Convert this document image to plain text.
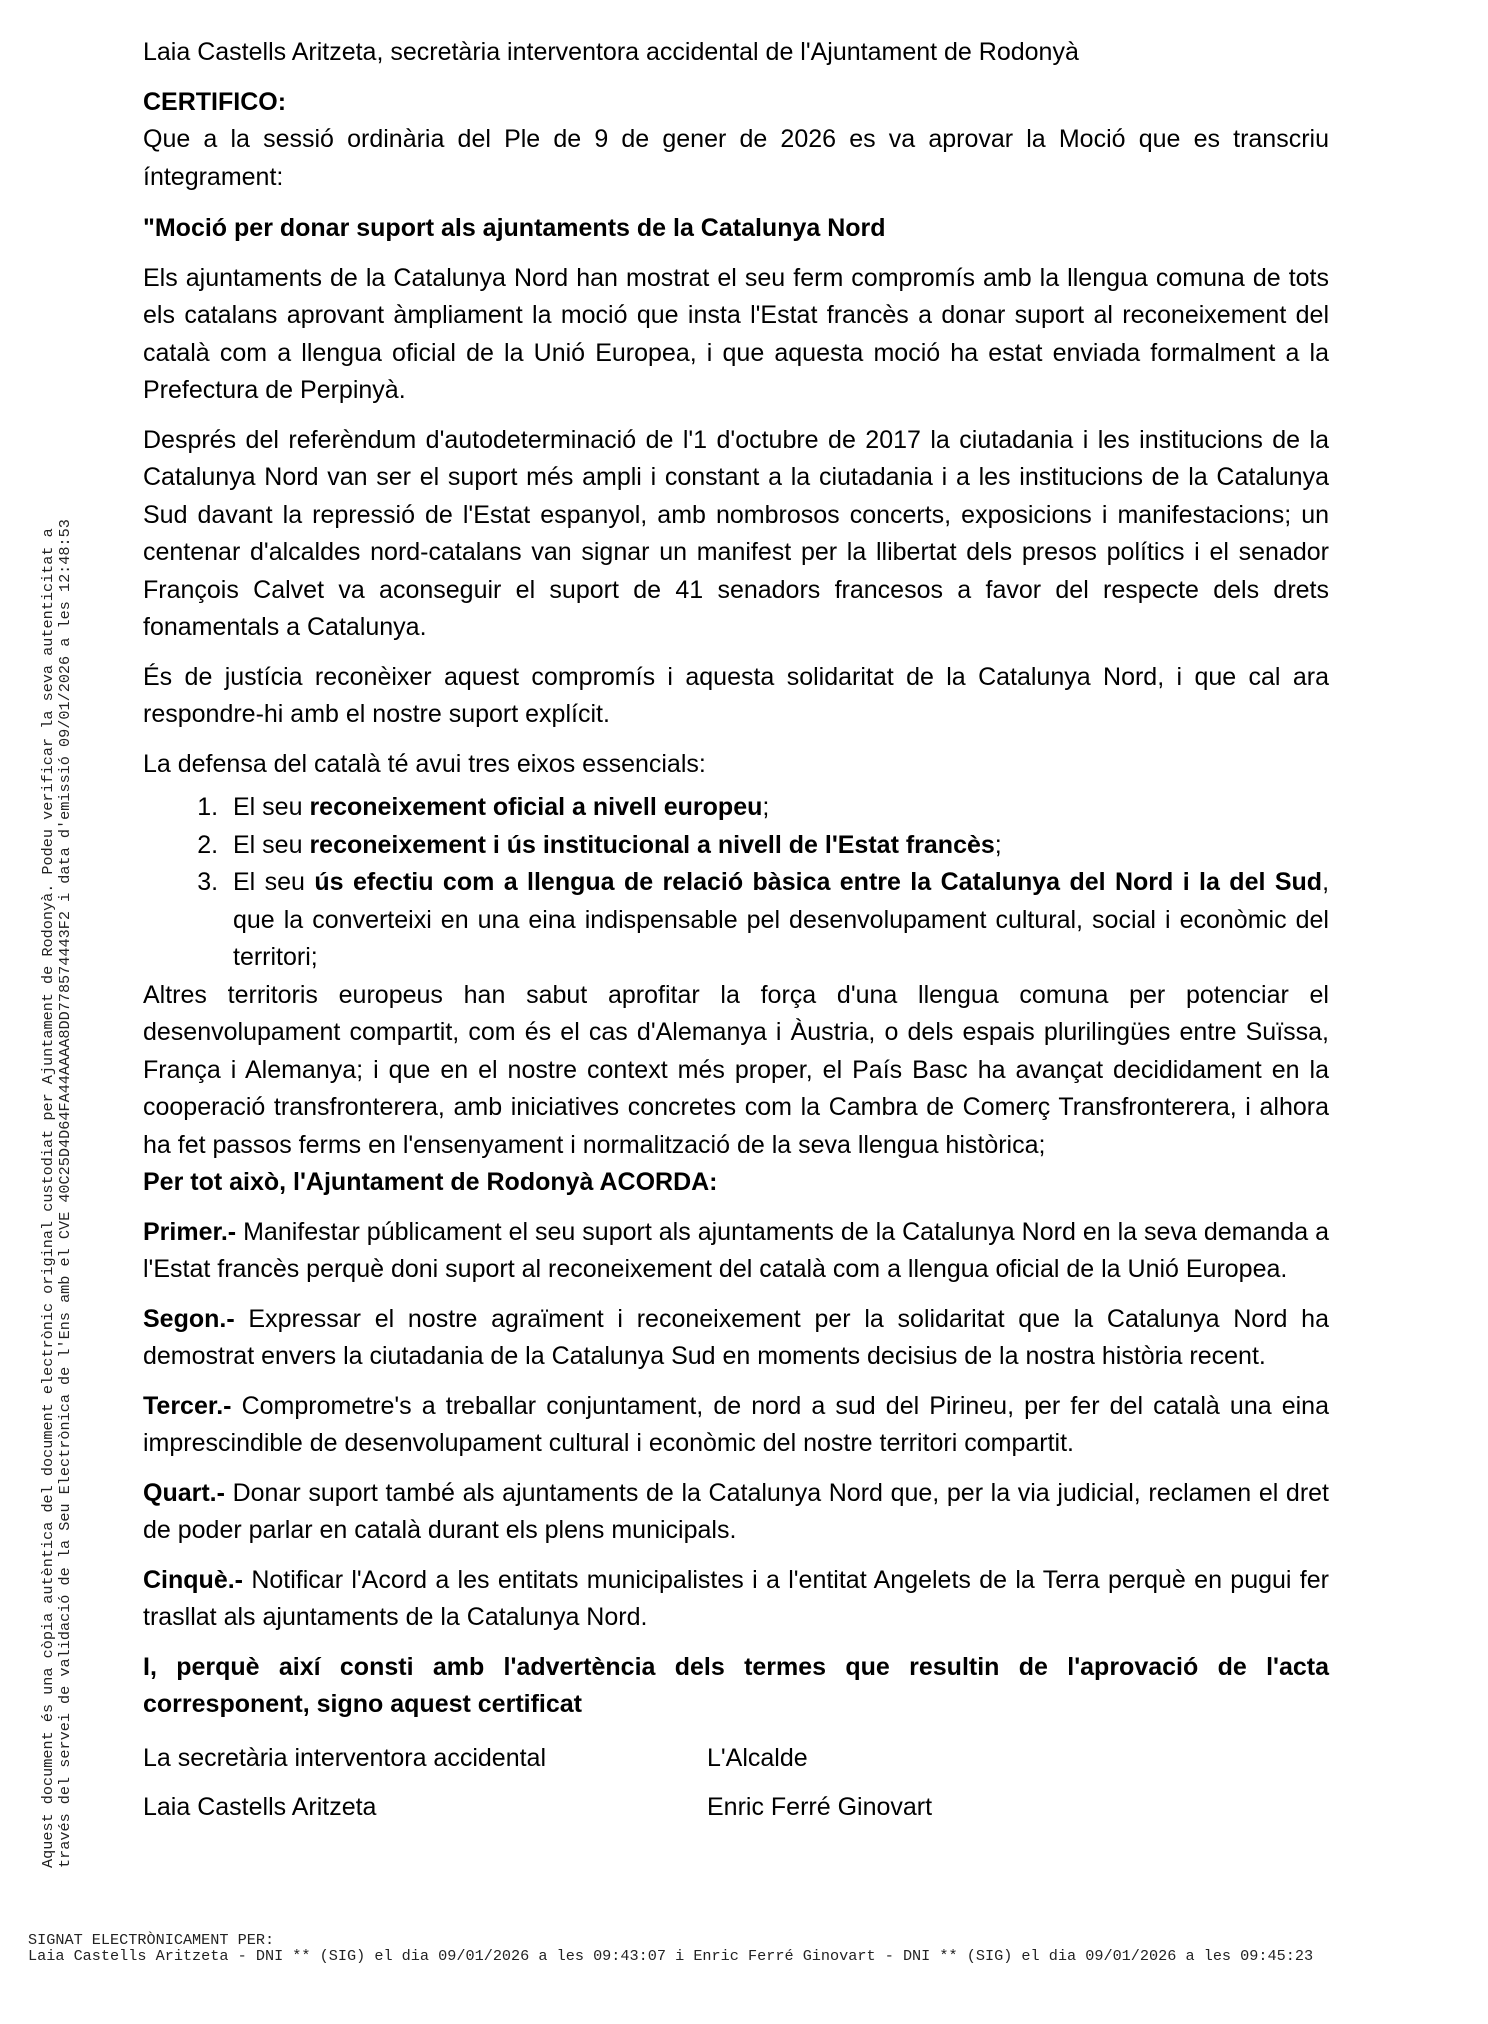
Laia Castells Aritzeta, secretària interventora accidental de l'Ajuntament de Rodonyà

CERTIFICO:

Que a la sessió ordinària del Ple de 9 de gener de 2026 es va aprovar la Moció que es transcriu íntegrament:

"Moció per donar suport als ajuntaments de la Catalunya Nord

Els ajuntaments de la Catalunya Nord han mostrat el seu ferm compromís amb la llengua comuna de tots els catalans aprovant àmpliament la moció que insta l'Estat francès a donar suport al reconeixement del català com a llengua oficial de la Unió Europea, i que aquesta moció ha estat enviada formalment a la Prefectura de Perpinyà.

Després del referèndum d'autodeterminació de l'1 d'octubre de 2017 la ciutadania i les institucions de la Catalunya Nord van ser el suport més ampli i constant a la ciutadania i a les institucions de la Catalunya Sud davant la repressió de l'Estat espanyol, amb nombrosos concerts, exposicions i manifestacions; un centenar d'alcaldes nord-catalans van signar un manifest per la llibertat dels presos polítics i el senador François Calvet va aconseguir el suport de 41 senadors francesos a favor del respecte dels drets fonamentals a Catalunya.

És de justícia reconèixer aquest compromís i aquesta solidaritat de la Catalunya Nord, i que cal ara respondre-hi amb el nostre suport explícit.

La defensa del català té avui tres eixos essencials:

1. El seu reconeixement oficial a nivell europeu;
2. El seu reconeixement i ús institucional a nivell de l'Estat francès;
3. El seu ús efectiu com a llengua de relació bàsica entre la Catalunya del Nord i la del Sud, que la converteixi en una eina indispensable pel desenvolupament cultural, social i econòmic del territori;

Altres territoris europeus han sabut aprofitar la força d'una llengua comuna per potenciar el desenvolupament compartit, com és el cas d'Alemanya i Àustria, o dels espais plurilingües entre Suïssa, França i Alemanya; i que en el nostre context més proper, el País Basc ha avançat decididament en la cooperació transfronterera, amb iniciatives concretes com la Cambra de Comerç Transfronterera, i alhora ha fet passos ferms en l'ensenyament i normalització de la seva llengua històrica;

Per tot això, l'Ajuntament de Rodonyà ACORDA:

Primer.- Manifestar públicament el seu suport als ajuntaments de la Catalunya Nord en la seva demanda a l'Estat francès perquè doni suport al reconeixement del català com a llengua oficial de la Unió Europea.

Segon.- Expressar el nostre agraïment i reconeixement per la solidaritat que la Catalunya Nord ha demostrat envers la ciutadania de la Catalunya Sud en moments decisius de la nostra història recent.

Tercer.- Comprometre's a treballar conjuntament, de nord a sud del Pirineu, per fer del català una eina imprescindible de desenvolupament cultural i econòmic del nostre territori compartit.

Quart.- Donar suport també als ajuntaments de la Catalunya Nord que, per la via judicial, reclamen el dret de poder parlar en català durant els plens municipals.

Cinquè.- Notificar l'Acord a les entitats municipalistes i a l'entitat Angelets de la Terra perquè en pugui fer trasllat als ajuntaments de la Catalunya Nord.

I, perquè així consti amb l'advertència dels termes que resultin de l'aprovació de l'acta corresponent, signo aquest certificat

La secretària interventora accidental	L'Alcalde
Laia Castells Aritzeta	Enric Ferré Ginovart
Aquest document és una còpia autèntica del document electrònic original custodiat per Ajuntament de Rodonyà. Podeu verificar la seva autenticitat a través del servei de validació de la Seu Electrònica de l'Ens amb el CVE 40C25D4D64FA44AAAA8DD778574443F2 i data d'emissió 09/01/2026 a les 12:48:53
SIGNAT ELECTRÒNICAMENT PER:
Laia Castells Aritzeta - DNI ** (SIG) el dia 09/01/2026 a les 09:43:07 i Enric Ferré Ginovart - DNI ** (SIG) el dia 09/01/2026 a les 09:45:23
